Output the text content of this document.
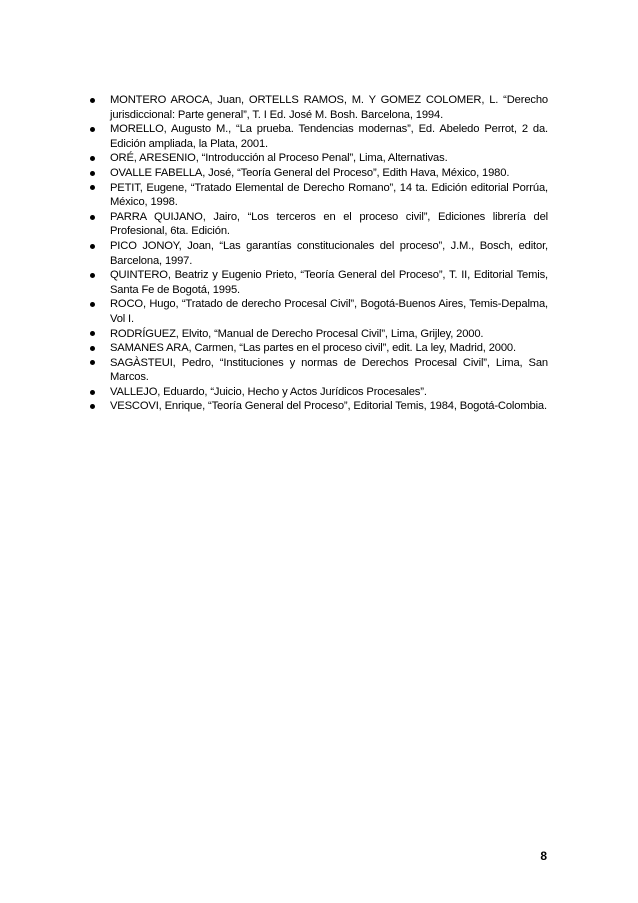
MONTERO AROCA, Juan, ORTELLS RAMOS, M. Y GOMEZ COLOMER, L. “Derecho jurisdiccional: Parte general”, T. I Ed. José M. Bosh. Barcelona, 1994.
MORELLO, Augusto M., “La prueba. Tendencias modernas”, Ed. Abeledo Perrot, 2 da. Edición ampliada, la Plata, 2001.
ORÉ, ARESENIO, “Introducción al Proceso Penal”, Lima, Alternativas.
OVALLE FABELLA, José, “Teoría General del Proceso”, Edith Hava, México, 1980.
PETIT, Eugene, “Tratado Elemental de Derecho Romano”, 14 ta. Edición editorial Porrúa, México, 1998.
PARRA QUIJANO, Jairo, “Los terceros en el proceso civil”, Ediciones librería del Profesional, 6ta. Edición.
PICO JONOY, Joan, “Las garantías constitucionales del proceso”, J.M., Bosch, editor, Barcelona, 1997.
QUINTERO, Beatriz y Eugenio Prieto, “Teoría General del Proceso”, T. II, Editorial Temis, Santa Fe de Bogotá, 1995.
ROCO, Hugo, “Tratado de derecho Procesal Civil”, Bogotá-Buenos Aires, Temis-Depalma, Vol I.
RODRÍGUEZ, Elvito, “Manual de Derecho Procesal Civil”, Lima, Grijley, 2000.
SAMANES ARA, Carmen, “Las partes en el proceso civil”, edit. La ley, Madrid, 2000.
SAGÀSTEUI, Pedro, “Instituciones y normas de Derechos Procesal Civil”, Lima, San Marcos.
VALLEJO, Eduardo, “Juicio, Hecho y Actos Jurídicos Procesales”.
VESCOVI, Enrique, “Teoría General del Proceso”, Editorial Temis, 1984, Bogotá-Colombia.
8
